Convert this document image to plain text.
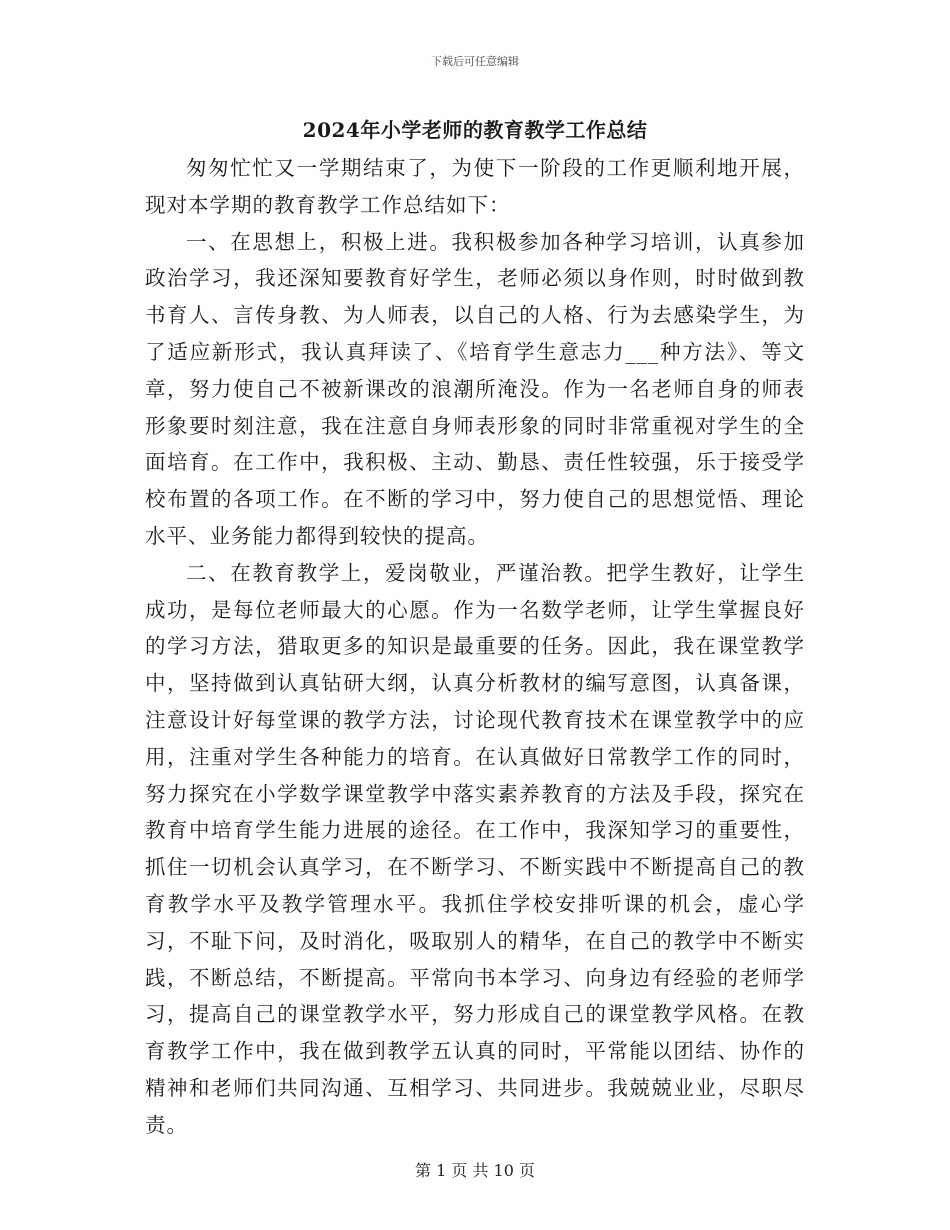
下载后可任意编辑
2024年小学老师的教育教学工作总结

匆匆忙忙又一学期结束了，为使下一阶段的工作更顺利地开展，现对本学期的教育教学工作总结如下：

一、在思想上，积极上进。我积极参加各种学习培训，认真参加政治学习，我还深知要教育好学生，老师必须以身作则，时时做到教书育人、言传身教、为人师表，以自己的人格、行为去感染学生，为了适应新形式，我认真拜读了、《培育学生意志力___种方法》、等文章，努力使自己不被新课改的浪潮所淹没。作为一名老师自身的师表形象要时刻注意，我在注意自身师表形象的同时非常重视对学生的全面培育。在工作中，我积极、主动、勤恳、责任性较强，乐于接受学校布置的各项工作。在不断的学习中，努力使自己的思想觉悟、理论水平、业务能力都得到较快的提高。

二、在教育教学上，爱岗敬业，严谨治教。把学生教好，让学生成功，是每位老师最大的心愿。作为一名数学老师，让学生掌握良好的学习方法，猎取更多的知识是最重要的任务。因此，我在课堂教学中，坚持做到认真钻研大纲，认真分析教材的编写意图，认真备课，注意设计好每堂课的教学方法，讨论现代教育技术在课堂教学中的应用，注重对学生各种能力的培育。在认真做好日常教学工作的同时，努力探究在小学数学课堂教学中落实素养教育的方法及手段，探究在教育中培育学生能力进展的途径。在工作中，我深知学习的重要性，抓住一切机会认真学习，在不断学习、不断实践中不断提高自己的教育教学水平及教学管理水平。我抓住学校安排听课的机会，虚心学习，不耻下问，及时消化，吸取别人的精华，在自己的教学中不断实践，不断总结，不断提高。平常向书本学习、向身边有经验的老师学习，提高自己的课堂教学水平，努力形成自己的课堂教学风格。在教育教学工作中，我在做到教学五认真的同时，平常能以团结、协作的精神和老师们共同沟通、互相学习、共同进步。我兢兢业业，尽职尽责。

第 1 页 共 10 页
